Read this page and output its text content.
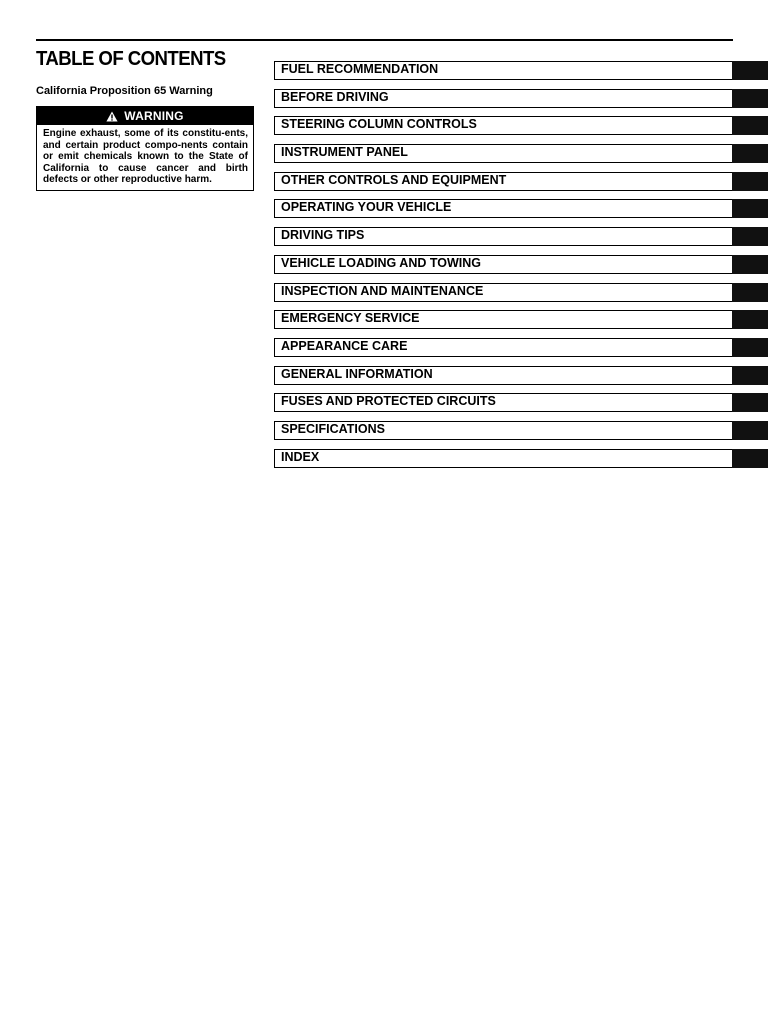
TABLE OF CONTENTS
California Proposition 65 Warning
WARNING
Engine exhaust, some of its constitu-ents, and certain product compo-nents contain or emit chemicals known to the State of California to cause cancer and birth defects or other reproductive harm.
FUEL RECOMMENDATION
BEFORE DRIVING
STEERING COLUMN CONTROLS
INSTRUMENT PANEL
OTHER CONTROLS AND EQUIPMENT
OPERATING YOUR VEHICLE
DRIVING TIPS
VEHICLE LOADING AND TOWING
INSPECTION AND MAINTENANCE
EMERGENCY SERVICE
APPEARANCE CARE
GENERAL INFORMATION
FUSES AND PROTECTED CIRCUITS
SPECIFICATIONS
INDEX
